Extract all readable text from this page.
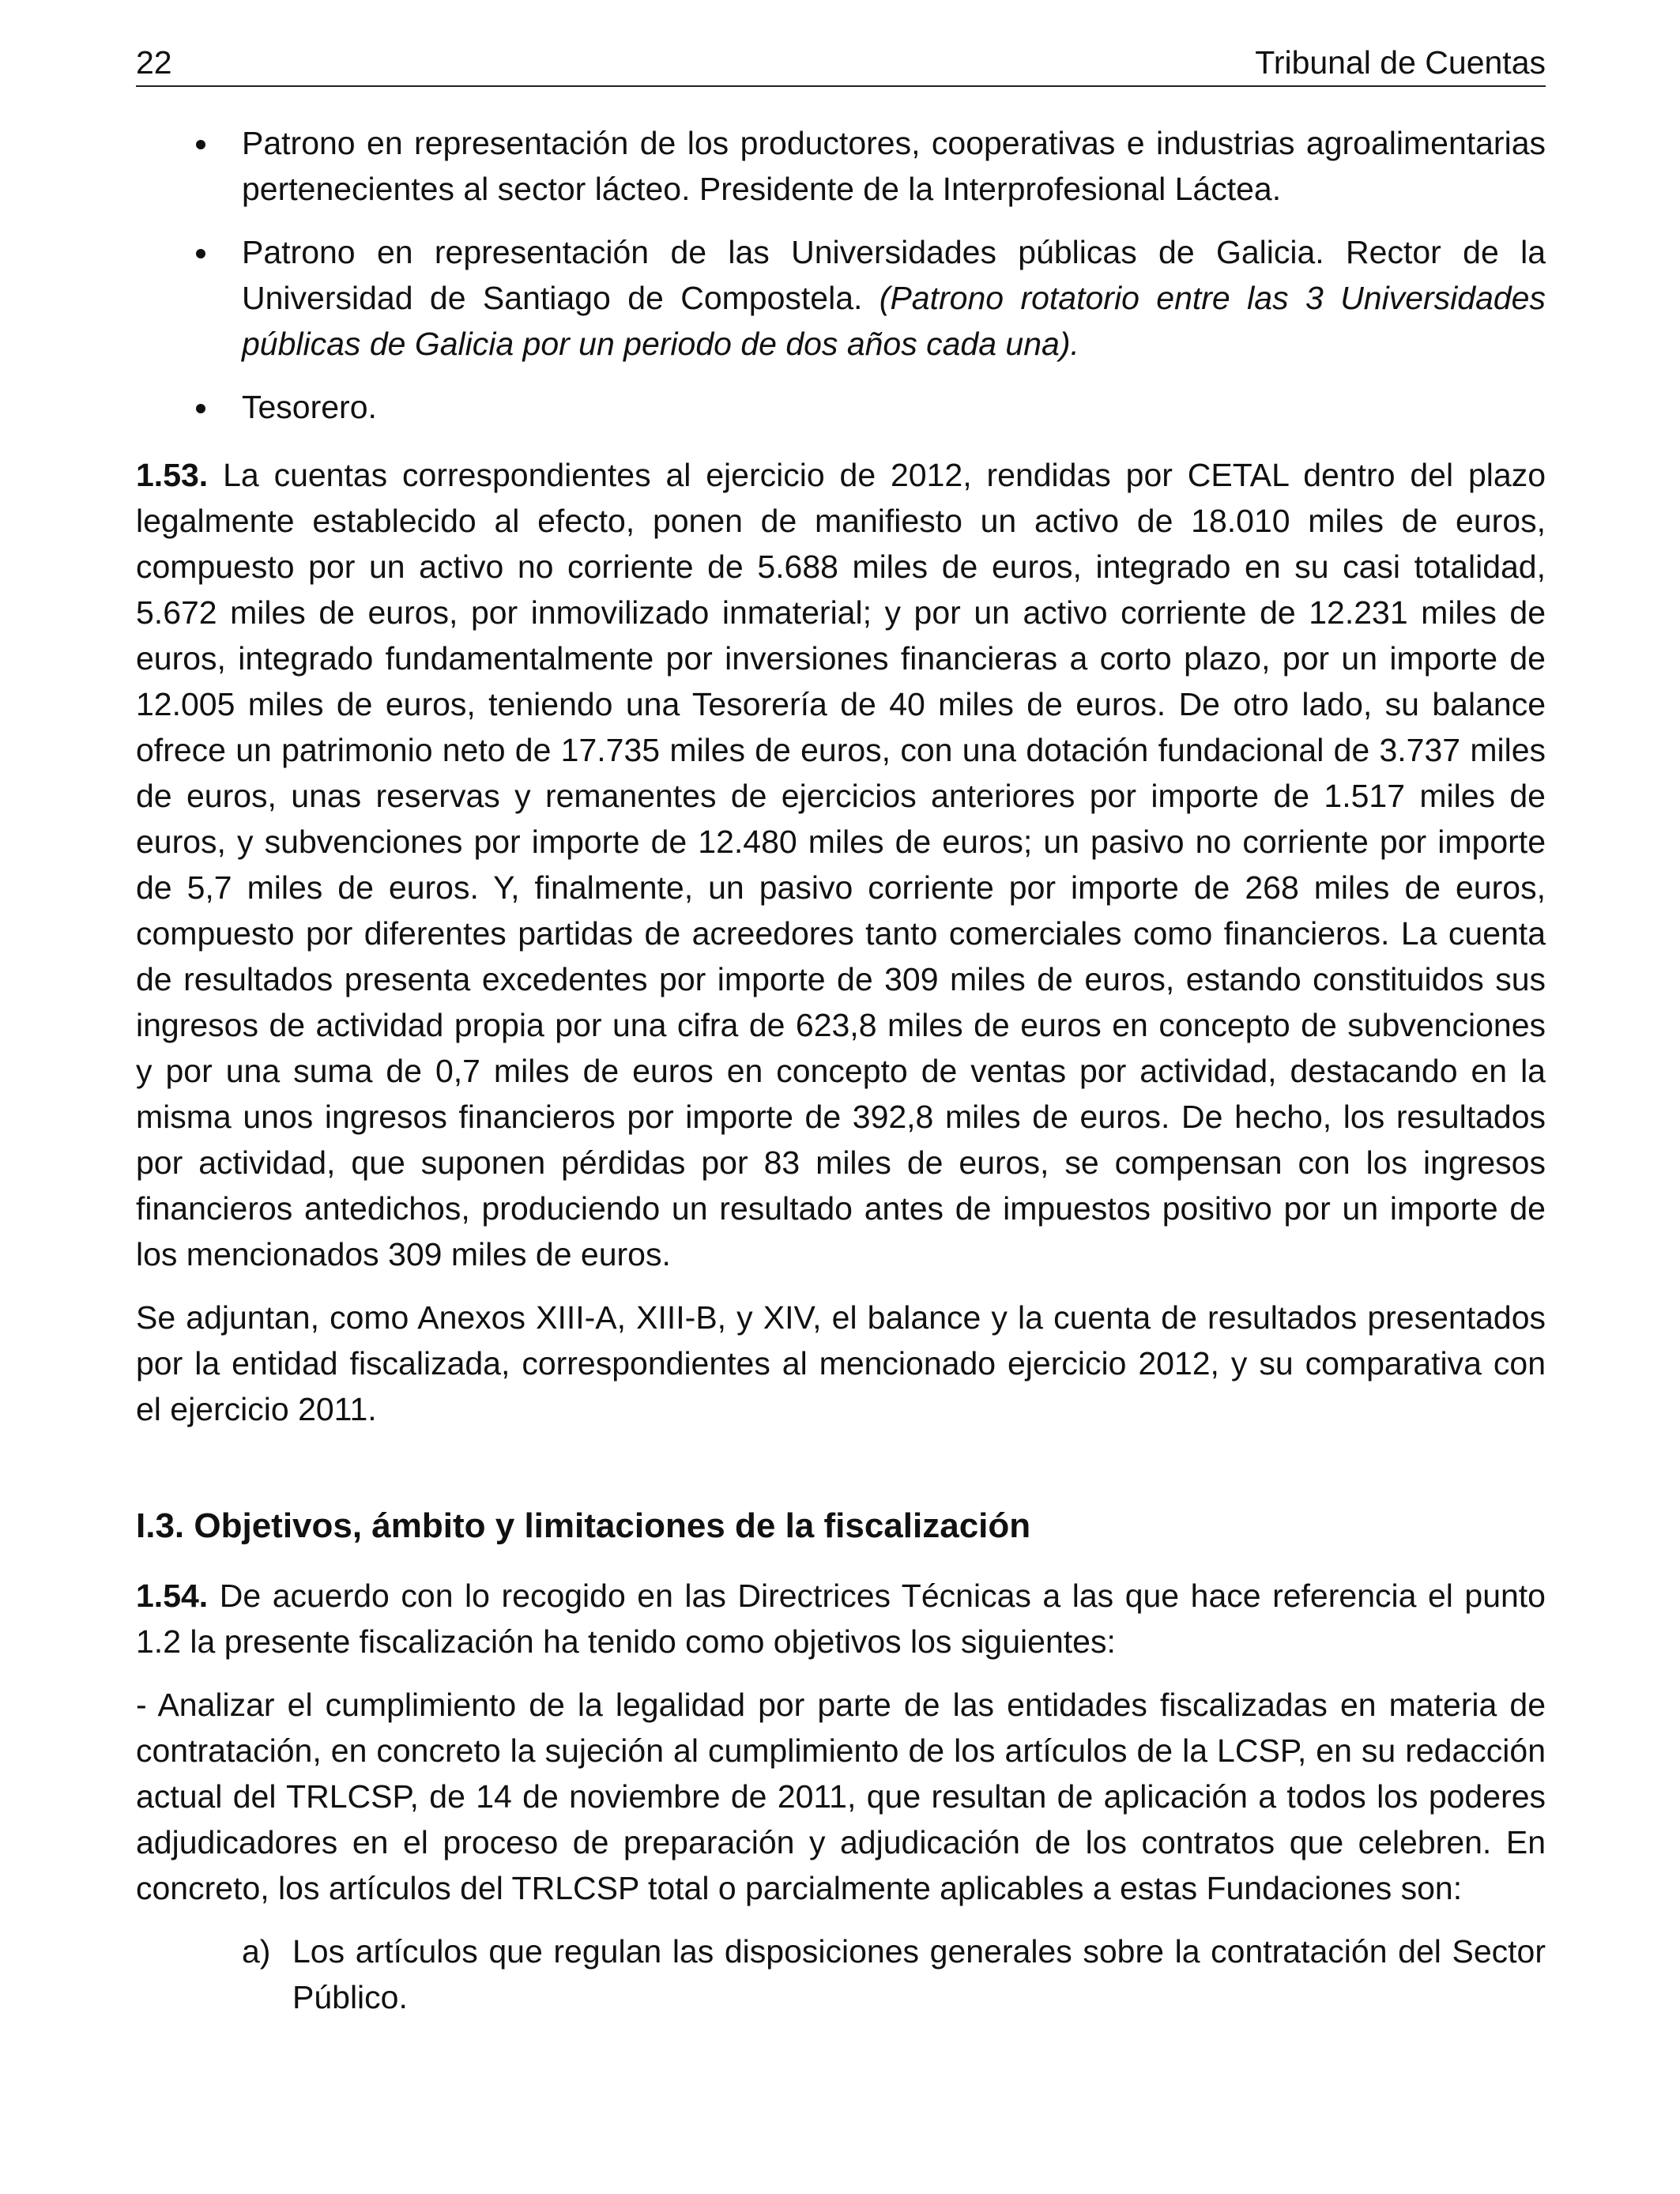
22	Tribunal de Cuentas
Patrono en representación de los productores, cooperativas e industrias agroalimentarias pertenecientes al sector lácteo. Presidente de la Interprofesional Láctea.
Patrono en representación de las Universidades públicas de Galicia. Rector de la Universidad de Santiago de Compostela. (Patrono rotatorio entre las 3 Universidades públicas de Galicia por un periodo de dos años cada una).
Tesorero.

1.53. La cuentas correspondientes al ejercicio de 2012, rendidas por CETAL dentro del plazo legalmente establecido al efecto, ponen de manifiesto un activo de 18.010 miles de euros, compuesto por un activo no corriente de 5.688 miles de euros, integrado en su casi totalidad, 5.672 miles de euros, por inmovilizado inmaterial; y por un activo corriente de 12.231 miles de euros, integrado fundamentalmente por inversiones financieras a corto plazo, por un importe de 12.005 miles de euros, teniendo una Tesorería de 40 miles de euros. De otro lado, su balance ofrece un patrimonio neto de 17.735 miles de euros, con una dotación fundacional de 3.737 miles de euros, unas reservas y remanentes de ejercicios anteriores por importe de 1.517 miles de euros, y subvenciones por importe de 12.480 miles de euros; un pasivo no corriente por importe de 5,7 miles de euros. Y, finalmente, un pasivo corriente por importe de 268 miles de euros, compuesto por diferentes partidas de acreedores tanto comerciales como financieros. La cuenta de resultados presenta excedentes por importe de 309 miles de euros, estando constituidos sus ingresos de actividad propia por una cifra de 623,8 miles de euros en concepto de subvenciones y por una suma de 0,7 miles de euros en concepto de ventas por actividad, destacando en la misma unos ingresos financieros por importe de 392,8 miles de euros. De hecho, los resultados por actividad, que suponen pérdidas por 83 miles de euros, se compensan con los ingresos financieros antedichos, produciendo un resultado antes de impuestos positivo por un importe de los mencionados 309 miles de euros.

Se adjuntan, como Anexos XIII-A, XIII-B, y XIV, el balance y la cuenta de resultados presentados por la entidad fiscalizada, correspondientes al mencionado ejercicio 2012, y su comparativa con el ejercicio 2011.

I.3. Objetivos, ámbito y limitaciones de la fiscalización

1.54. De acuerdo con lo recogido en las Directrices Técnicas a las que hace referencia el punto 1.2 la presente fiscalización ha tenido como objetivos los siguientes:

- Analizar el cumplimiento de la legalidad por parte de las entidades fiscalizadas en materia de contratación, en concreto la sujeción al cumplimiento de los artículos de la LCSP, en su redacción actual del TRLCSP, de 14 de noviembre de 2011, que resultan de aplicación a todos los poderes adjudicadores en el proceso de preparación y adjudicación de los contratos que celebren. En concreto, los artículos del TRLCSP total o parcialmente aplicables a estas Fundaciones son:

a) Los artículos que regulan las disposiciones generales sobre la contratación del Sector Público.
